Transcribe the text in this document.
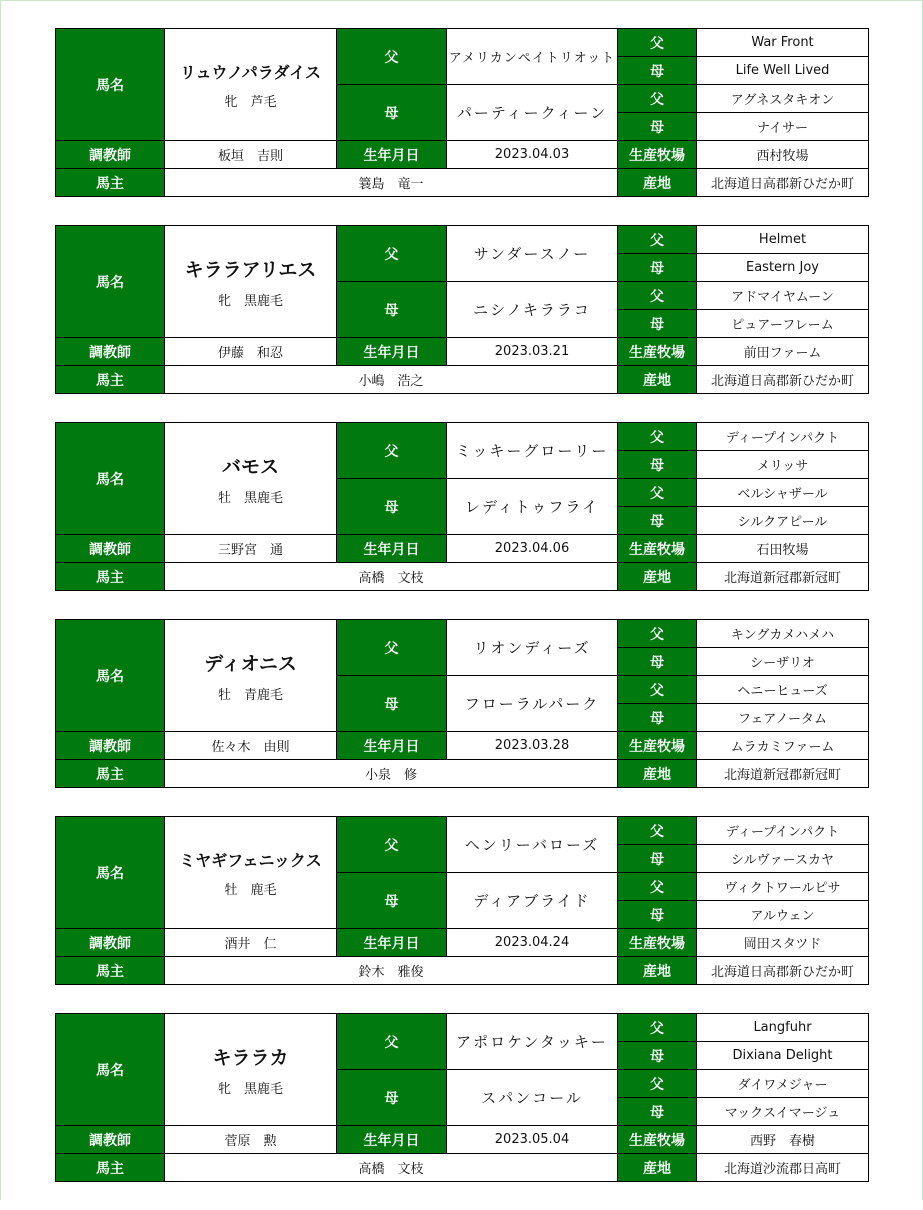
馬名	リュウノパラダイス
牝　芦毛	父	アメリカンペイトリオット	父	War Front
				母	Life Well Lived
		母	パーティークィーン	父	アグネスタキオン
				母	ナイサー
調教師	板垣　吉則	生年月日	2023.04.03	生産牧場	西村牧場
馬主	簔島　竜一			産地	北海道日高郡新ひだか町
馬名	キララアリエス
牝　黒鹿毛	父	サンダースノー	父	Helmet
				母	Eastern Joy
		母	ニシノキララコ	父	アドマイヤムーン
				母	ピュアーフレーム
調教師	伊藤　和忍	生年月日	2023.03.21	生産牧場	前田ファーム
馬主	小嶋　浩之			産地	北海道日高郡新ひだか町
馬名	バモス
牡　黒鹿毛	父	ミッキーグローリー	父	ディープインパクト
				母	メリッサ
		母	レディトゥフライ	父	ベルシャザール
				母	シルクアピール
調教師	三野宮　通	生年月日	2023.04.06	生産牧場	石田牧場
馬主	高橋　文枝			産地	北海道新冠郡新冠町
馬名	ディオニス
牡　青鹿毛	父	リオンディーズ	父	キングカメハメハ
				母	シーザリオ
		母	フローラルパーク	父	ヘニーヒューズ
				母	フェアノータム
調教師	佐々木　由則	生年月日	2023.03.28	生産牧場	ムラカミファーム
馬主	小泉　修			産地	北海道新冠郡新冠町
馬名	ミヤギフェニックス
牡　鹿毛	父	ヘンリーバローズ	父	ディープインパクト
				母	シルヴァースカヤ
		母	ディアブライド	父	ヴィクトワールピサ
				母	アルウェン
調教師	酒井　仁	生年月日	2023.04.24	生産牧場	岡田スタツド
馬主	鈴木　雅俊			産地	北海道日高郡新ひだか町
馬名	キララカ
牝　黒鹿毛	父	アポロケンタッキー	父	Langfuhr
				母	Dixiana Delight
		母	スパンコール	父	ダイワメジャー
				母	マックスイマージュ
調教師	菅原　勲	生年月日	2023.05.04	生産牧場	西野　春樹
馬主	高橋　文枝			産地	北海道沙流郡日高町
